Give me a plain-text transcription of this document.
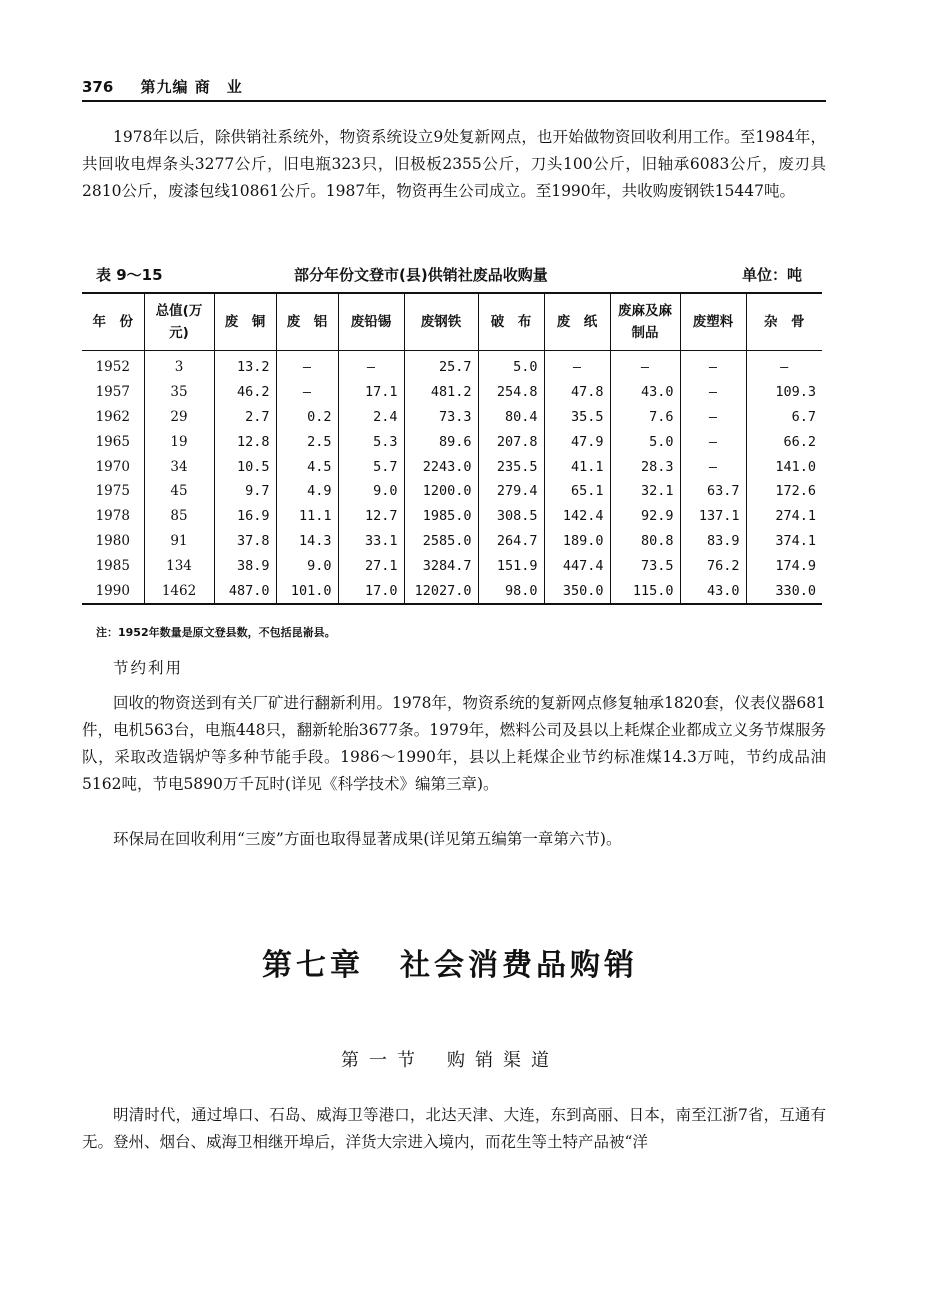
376 第九编 商　业

1978年以后，除供销社系统外，物资系统设立9处复新网点，也开始做物资回收利用工作。至1984年，共回收电焊条头3277公斤，旧电瓶323只，旧极板2355公斤，刀头100公斤，旧轴承6083公斤，废刃具2810公斤，废漆包线10861公斤。1987年，物资再生公司成立。至1990年，共收购废钢铁15447吨。

表 9～15	部分年份文登市(县)供销社废品收购量	单位：吨
年　份	总值(万元)	废　铜	废　铝	废铅锡	废钢铁	破　布	废　纸	废麻及麻制品	废塑料	杂　骨
1952	3	13.2	—	—	25.7	5.0	—	—	—	—
1957	35	46.2	—	17.1	481.2	254.8	47.8	43.0	—	109.3
1962	29	2.7	0.2	2.4	73.3	80.4	35.5	7.6	—	6.7
1965	19	12.8	2.5	5.3	89.6	207.8	47.9	5.0	—	66.2
1970	34	10.5	4.5	5.7	2243.0	235.5	41.1	28.3	—	141.0
1975	45	9.7	4.9	9.0	1200.0	279.4	65.1	32.1	63.7	172.6
1978	85	16.9	11.1	12.7	1985.0	308.5	142.4	92.9	137.1	274.1
1980	91	37.8	14.3	33.1	2585.0	264.7	189.0	80.8	83.9	374.1
1985	134	38.9	9.0	27.1	3284.7	151.9	447.4	73.5	76.2	174.9
1990	1462	487.0	101.0	17.0	12027.0	98.0	350.0	115.0	43.0	330.0
注：1952年数量是原文登县数，不包括昆嵛县。
节约利用

回收的物资送到有关厂矿进行翻新利用。1978年，物资系统的复新网点修复轴承1820套，仪表仪器681件，电机563台，电瓶448只，翻新轮胎3677条。1979年，燃料公司及县以上耗煤企业都成立义务节煤服务队，采取改造锅炉等多种节能手段。1986～1990年，县以上耗煤企业节约标准煤14.3万吨，节约成品油5162吨，节电5890万千瓦时(详见《科学技术》编第三章)。

环保局在回收利用“三废”方面也取得显著成果(详见第五编第一章第六节)。

第七章 社会消费品购销
第一节 购销渠道

明清时代，通过埠口、石岛、威海卫等港口，北达天津、大连，东到高丽、日本，南至江浙7省，互通有无。登州、烟台、威海卫相继开埠后，洋货大宗进入境内，而花生等土特产品被“洋
